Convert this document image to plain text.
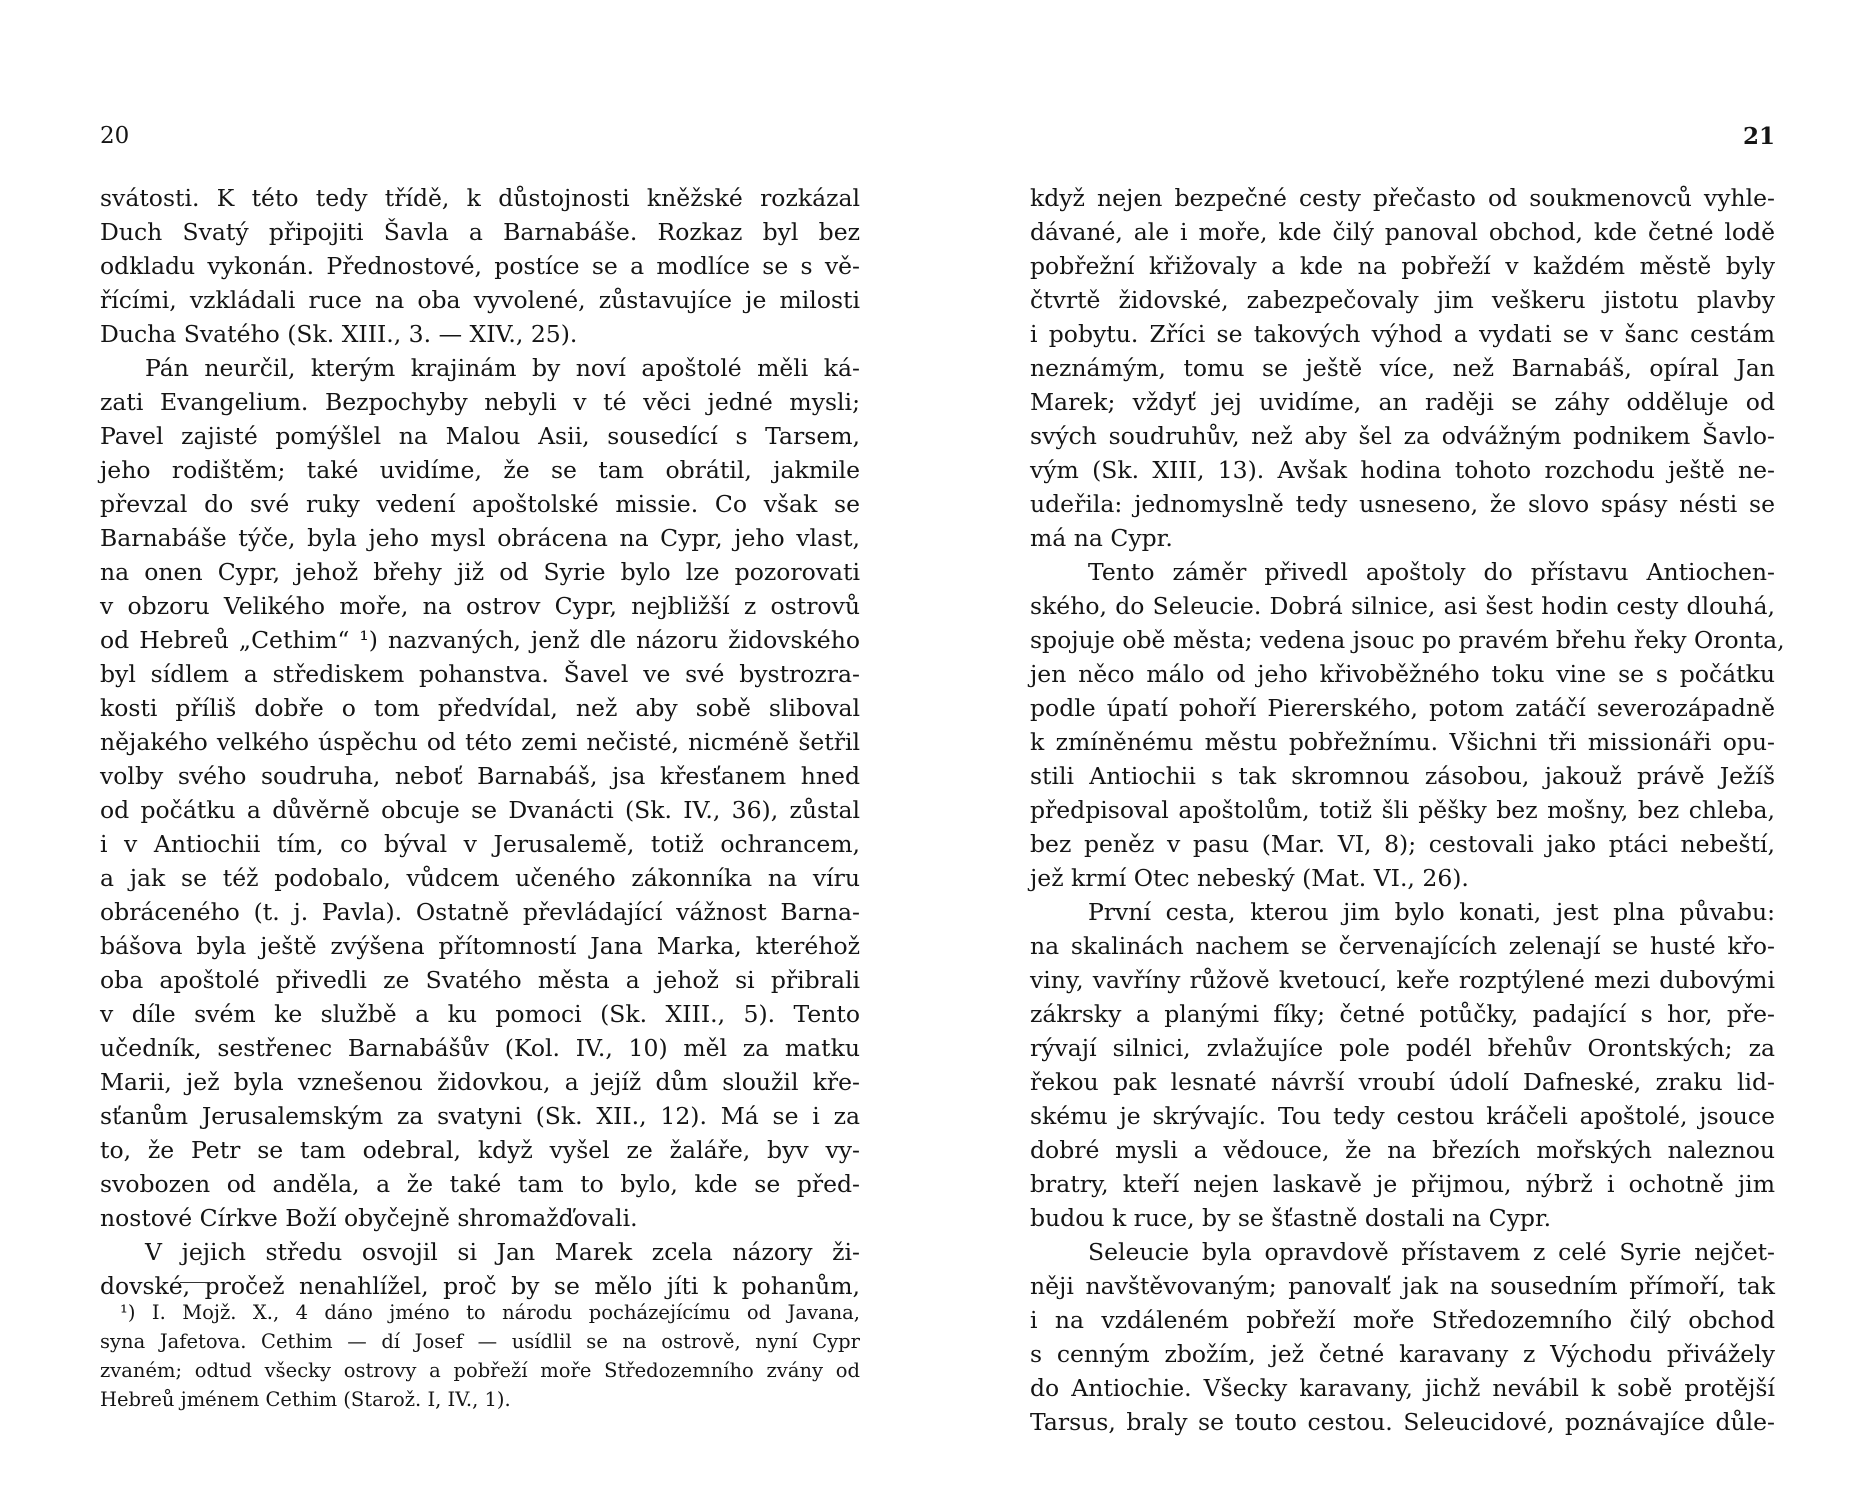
20
svátosti. K této tedy třídě, k důstojnosti kněžské rozkázal
Duch Svatý připojiti Šavla a Barnabáše. Rozkaz byl bez
odkladu vykonán. Přednostové, postíce se a modlíce se s vě-
řícími, vzkládali ruce na oba vyvolené, zůstavujíce je milosti
Ducha Svatého (Sk. XIII., 3. — XIV., 25).
Pán neurčil, kterým krajinám by noví apoštolé měli ká-
zati Evangelium. Bezpochyby nebyli v té věci jedné mysli;
Pavel zajisté pomýšlel na Malou Asii, sousedící s Tarsem,
jeho rodištěm; také uvidíme, že se tam obrátil, jakmile
převzal do své ruky vedení apoštolské missie. Co však se
Barnabáše týče, byla jeho mysl obrácena na Cypr, jeho vlast,
na onen Cypr, jehož břehy již od Syrie bylo lze pozorovati
v obzoru Velikého moře, na ostrov Cypr, nejbližší z ostrovů
od Hebreů „Cethim“ ¹) nazvaných, jenž dle názoru židovského
byl sídlem a střediskem pohanstva. Šavel ve své bystrozra-
kosti příliš dobře o tom předvídal, než aby sobě sliboval
nějakého velkého úspěchu od této zemi nečisté, nicméně šetřil
volby svého soudruha, neboť Barnabáš, jsa křesťanem hned
od počátku a důvěrně obcuje se Dvanácti (Sk. IV., 36), zůstal
i v Antiochii tím, co býval v Jerusalemě, totiž ochrancem,
a jak se též podobalo, vůdcem učeného zákonníka na víru
obráceného (t. j. Pavla). Ostatně převládající vážnost Barna-
bášova byla ještě zvýšena přítomností Jana Marka, kteréhož
oba apoštolé přivedli ze Svatého města a jehož si přibrali
v díle svém ke službě a ku pomoci (Sk. XIII., 5). Tento
učedník, sestřenec Barnabášův (Kol. IV., 10) měl za matku
Marii, jež byla vznešenou židovkou, a jejíž dům sloužil kře-
sťanům Jerusalemským za svatyni (Sk. XII., 12). Má se i za
to, že Petr se tam odebral, když vyšel ze žaláře, byv vy-
svobozen od anděla, a že také tam to bylo, kde se před-
nostové Církve Boží obyčejně shromažďovali.
V jejich středu osvojil si Jan Marek zcela názory ži-
dovské, pročež nenahlížel, proč by se mělo jíti k pohanům,
¹) I. Mojž. X., 4 dáno jméno to národu pocházejícímu od Javana,
syna Jafetova. Cethim — dí Josef — usídlil se na ostrově, nyní Cypr
zvaném; odtud všecky ostrovy a pobřeží moře Středozemního zvány od
Hebreů jménem Cethim (Starož. I, IV., 1).
21
když nejen bezpečné cesty přečasto od soukmenovců vyhle-
dávané, ale i moře, kde čilý panoval obchod, kde četné lodě
pobřežní křižovaly a kde na pobřeží v každém městě byly
čtvrtě židovské, zabezpečovaly jim veškeru jistotu plavby
i pobytu. Zříci se takových výhod a vydati se v šanc cestám
neznámým, tomu se ještě více, než Barnabáš, opíral Jan
Marek; vždyť jej uvidíme, an raději se záhy odděluje od
svých soudruhův, než aby šel za odvážným podnikem Šavlo-
vým (Sk. XIII, 13). Avšak hodina tohoto rozchodu ještě ne-
udeřila: jednomyslně tedy usneseno, že slovo spásy nésti se
má na Cypr.
Tento záměr přivedl apoštoly do přístavu Antiochen-
ského, do Seleucie. Dobrá silnice, asi šest hodin cesty dlouhá,
spojuje obě města; vedena jsouc po pravém břehu řeky Oronta,
jen něco málo od jeho křivoběžného toku vine se s počátku
podle úpatí pohoří Piererského, potom zatáčí severozápadně
k zmíněnému městu pobřežnímu. Všichni tři missionáři opu-
stili Antiochii s tak skromnou zásobou, jakouž právě Ježíš
předpisoval apoštolům, totiž šli pěšky bez mošny, bez chleba,
bez peněz v pasu (Mar. VI, 8); cestovali jako ptáci nebeští,
jež krmí Otec nebeský (Mat. VI., 26).
První cesta, kterou jim bylo konati, jest plna půvabu:
na skalinách nachem se červenajících zelenají se husté křo-
viny, vavříny růžově kvetoucí, keře rozptýlené mezi dubovými
zákrsky a planými fíky; četné potůčky, padající s hor, pře-
rývají silnici, zvlažujíce pole podél břehův Orontských; za
řekou pak lesnaté návrší vroubí údolí Dafneské, zraku lid-
skému je skrývajíc. Tou tedy cestou kráčeli apoštolé, jsouce
dobré mysli a vědouce, že na březích mořských naleznou
bratry, kteří nejen laskavě je přijmou, nýbrž i ochotně jim
budou k ruce, by se šťastně dostali na Cypr.
Seleucie byla opravdově přístavem z celé Syrie nejčet-
něji navštěvovaným; panovalť jak na sousedním přímoří, tak
i na vzdáleném pobřeží moře Středozemního čilý obchod
s cenným zbožím, jež četné karavany z Východu přivážely
do Antiochie. Všecky karavany, jichž nevábil k sobě protější
Tarsus, braly se touto cestou. Seleucidové, poznávajíce důle-
